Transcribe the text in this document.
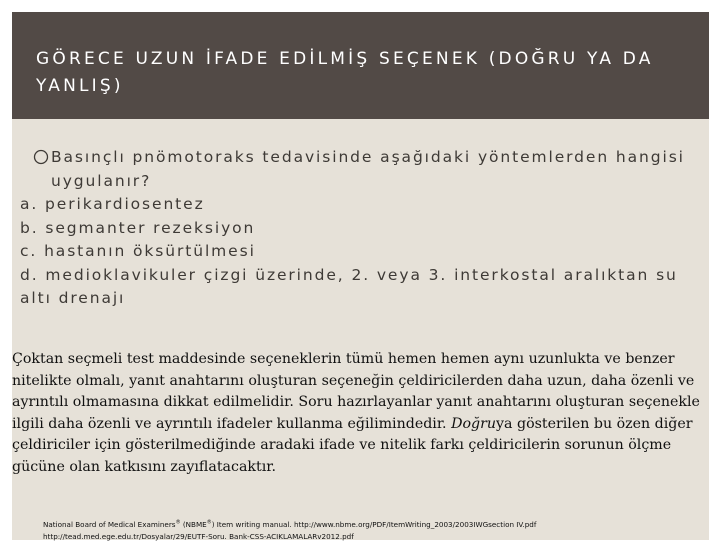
GÖRECE UZUN İFADE EDİLMİŞ SEÇENEK (DOĞRU YA DA YANLIŞ)

Basınçlı pnömotoraks tedavisinde aşağıdaki yöntemlerden hangisi uygulanır?

a. perikardiosentez

b. segmanter rezeksiyon

c. hastanın öksürtülmesi

d. medioklavikuler çizgi üzerinde, 2. veya 3. interkostal aralıktan su altı drenajı

Çoktan seçmeli test maddesinde seçeneklerin tümü hemen hemen aynı uzunlukta ve benzer nitelikte olmalı, yanıt anahtarını oluşturan seçeneğin çeldiricilerden daha uzun, daha özenli ve ayrıntılı olmamasına dikkat edilmelidir. Soru hazırlayanlar yanıt anahtarını oluşturan seçenekle ilgili daha özenli ve ayrıntılı ifadeler kullanma eğilimindedir. Doğruya gösterilen bu özen diğer çeldiriciler için gösterilmediğinde aradaki ifade ve nitelik farkı çeldiricilerin sorunun ölçme gücüne olan katkısını zayıflatacaktır.

National Board of Medical Examiners® (NBME®) Item writing manual. http://www.nbme.org/PDF/ItemWriting_2003/2003IWGsection IV.pdf
http://tead.med.ege.edu.tr/Dosyalar/29/EUTF-Soru. Bank-CSS-ACIKLAMALARv2012.pdf
